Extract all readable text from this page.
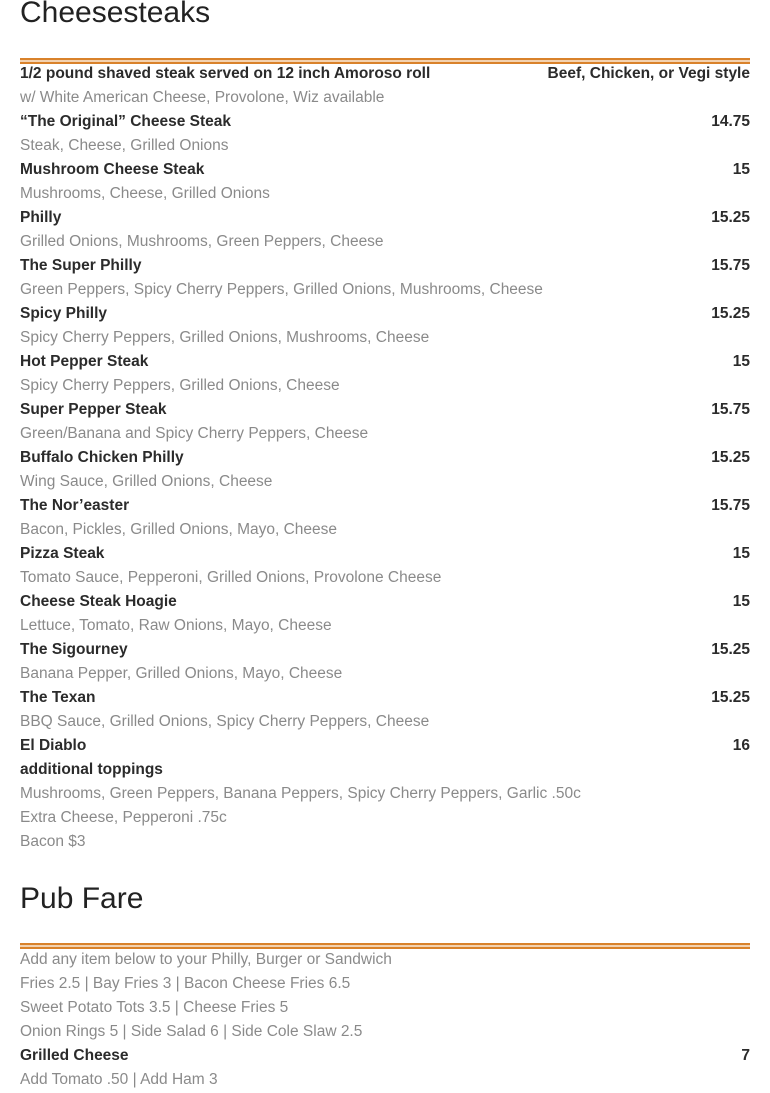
Cheesesteaks
1/2 pound shaved steak served on 12 inch Amoroso roll	Beef, Chicken, or Vegi style
w/ White American Cheese, Provolone, Wiz available
“The Original” Cheese Steak	14.75
Steak, Cheese, Grilled Onions
Mushroom Cheese Steak	15
Mushrooms, Cheese, Grilled Onions
Philly	15.25
Grilled Onions, Mushrooms, Green Peppers, Cheese
The Super Philly	15.75
Green Peppers, Spicy Cherry Peppers, Grilled Onions, Mushrooms, Cheese
Spicy Philly	15.25
Spicy Cherry Peppers, Grilled Onions, Mushrooms, Cheese
Hot Pepper Steak	15
Spicy Cherry Peppers, Grilled Onions, Cheese
Super Pepper Steak	15.75
Green/Banana and Spicy Cherry Peppers, Cheese
Buffalo Chicken Philly	15.25
Wing Sauce, Grilled Onions, Cheese
The Nor’easter	15.75
Bacon, Pickles, Grilled Onions, Mayo, Cheese
Pizza Steak	15
Tomato Sauce, Pepperoni, Grilled Onions, Provolone Cheese
Cheese Steak Hoagie	15
Lettuce, Tomato, Raw Onions, Mayo, Cheese
The Sigourney	15.25
Banana Pepper, Grilled Onions, Mayo, Cheese
The Texan	15.25
BBQ Sauce, Grilled Onions, Spicy Cherry Peppers, Cheese
El Diablo	16
additional toppings
Mushrooms, Green Peppers, Banana Peppers, Spicy Cherry Peppers, Garlic .50c
Extra Cheese, Pepperoni .75c
Bacon $3
Pub Fare
Add any item below to your Philly, Burger or Sandwich
Fries 2.5 | Bay Fries 3 | Bacon Cheese Fries 6.5
Sweet Potato Tots 3.5 | Cheese Fries 5
Onion Rings 5 | Side Salad 6 | Side Cole Slaw 2.5
Grilled Cheese	7
Add Tomato .50 | Add Ham 3
